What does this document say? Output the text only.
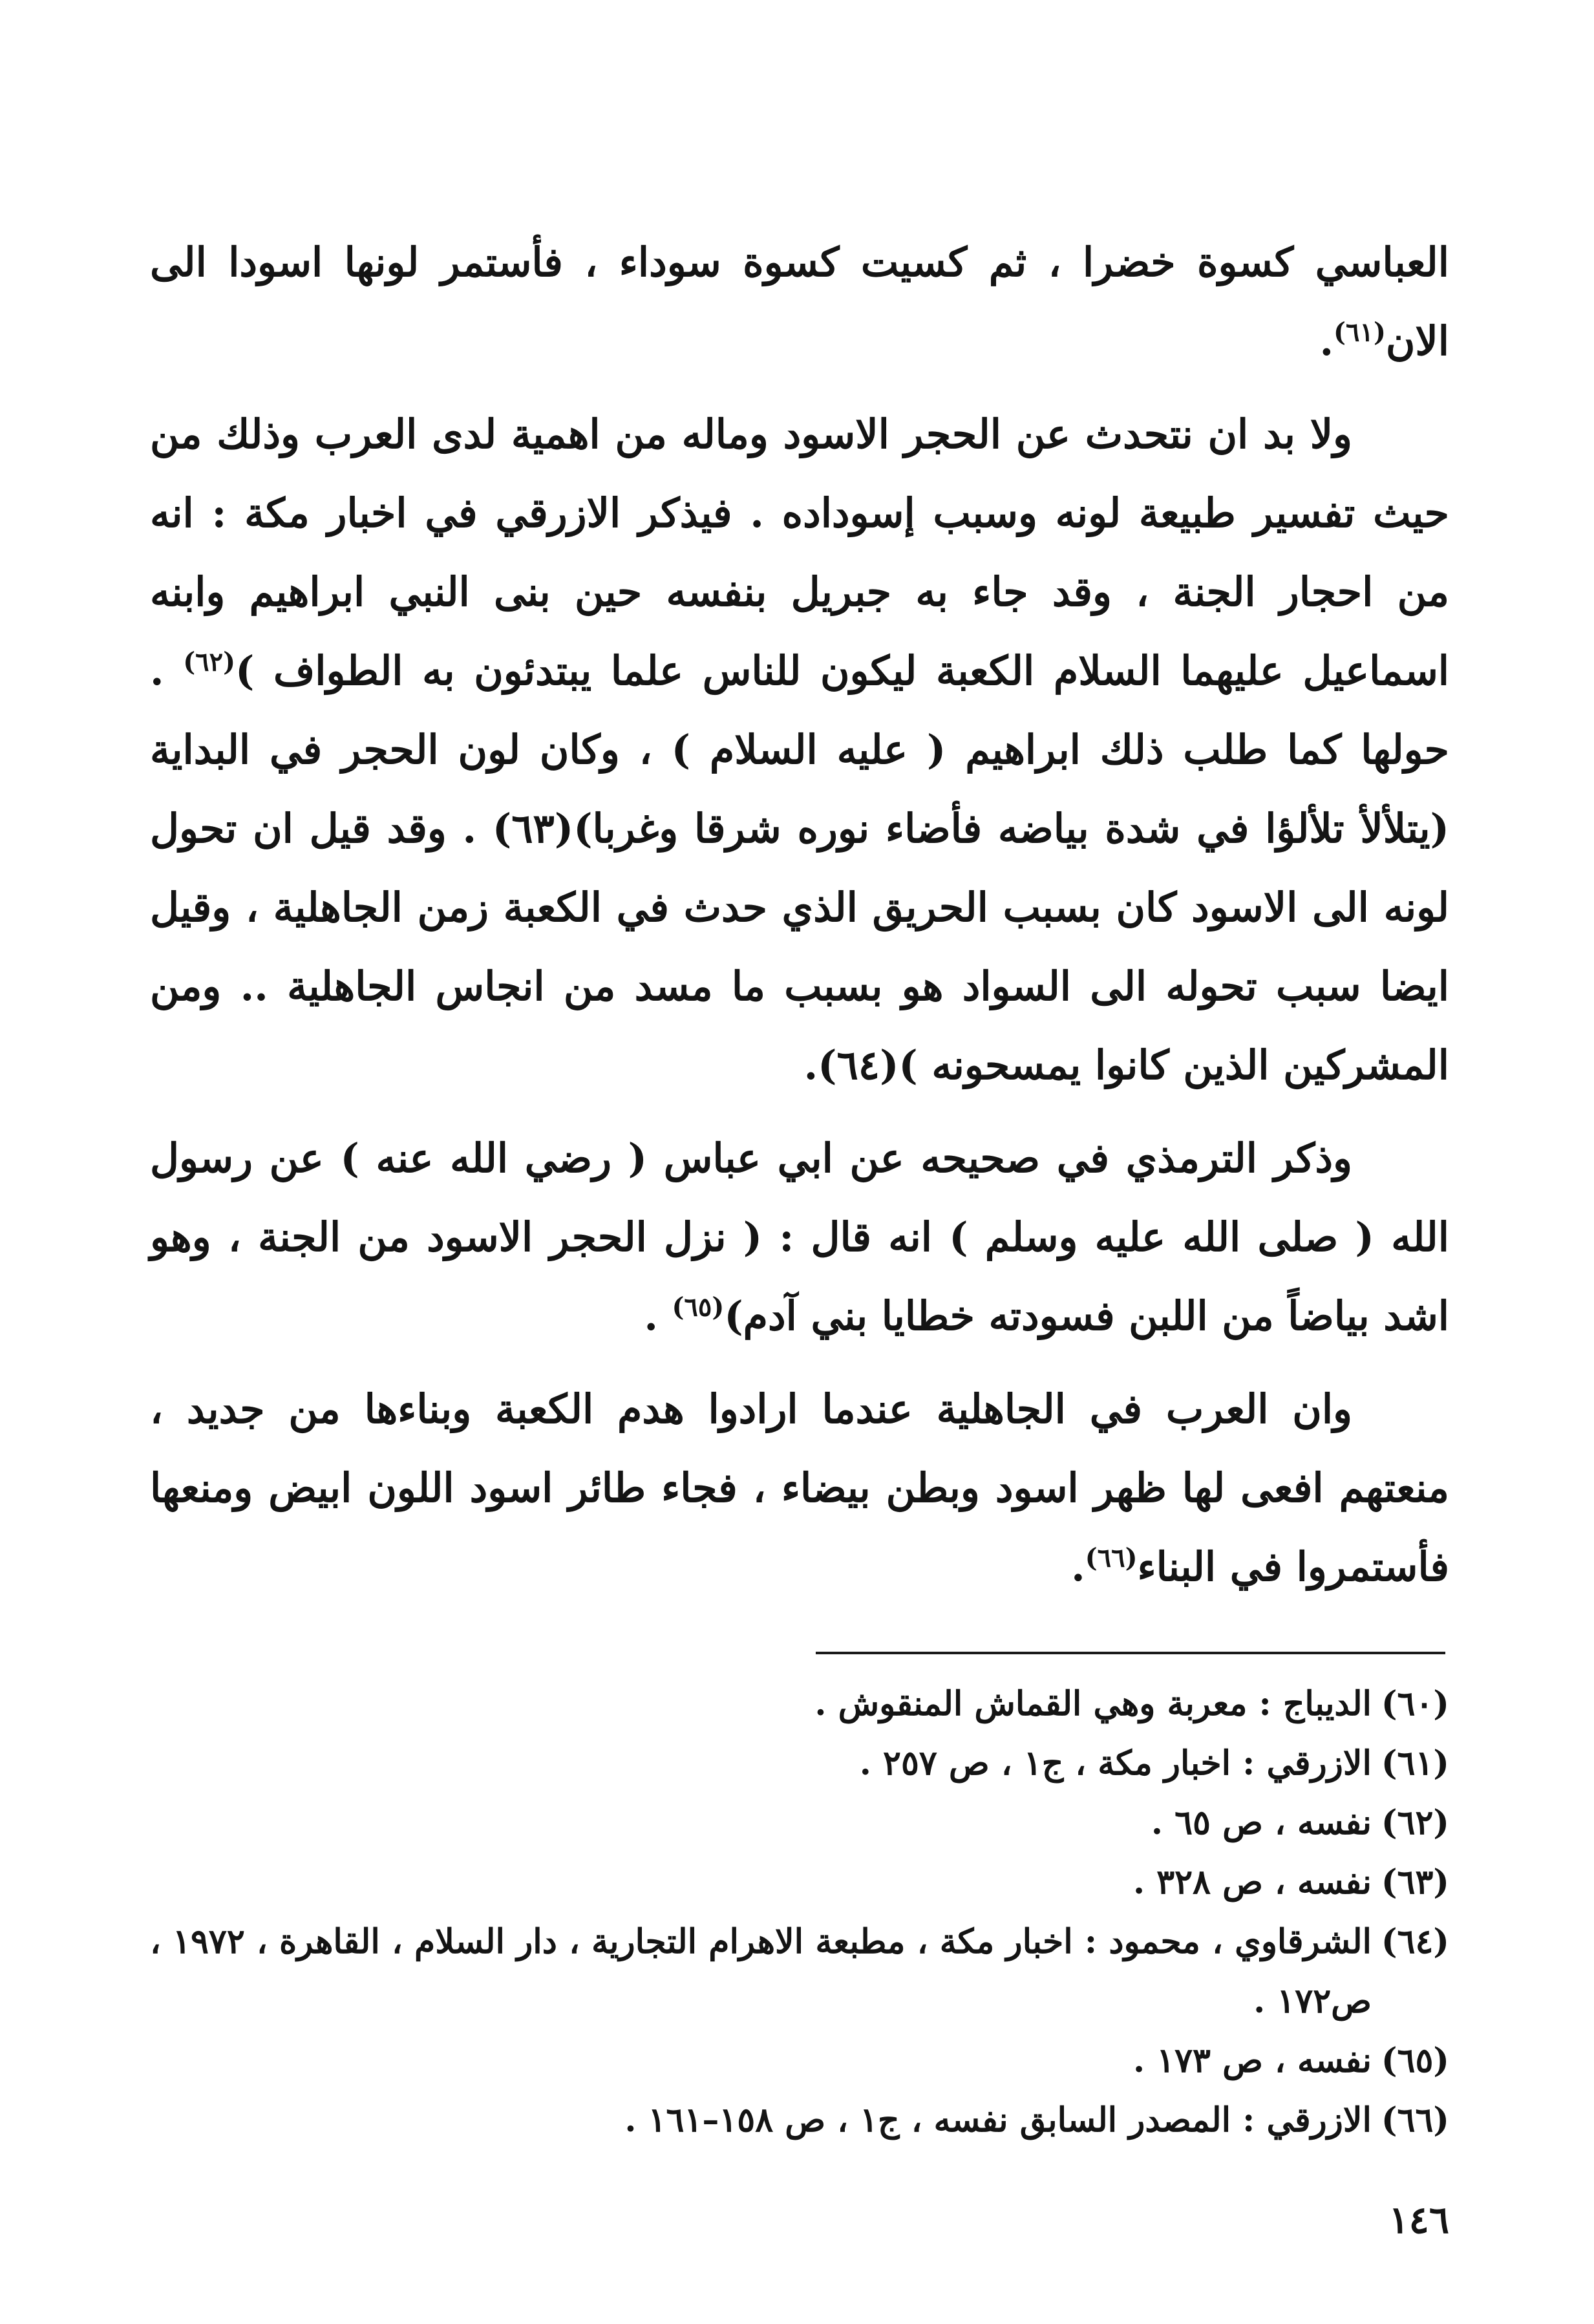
العباسي كسوة خضرا ، ثم كسيت كسوة سوداء ، فأستمر لونها اسودا الى الان$^{(٦١)}$.

ولا بد ان نتحدث عن الحجر الاسود وماله من اهمية لدى العرب وذلك من حيث تفسير طبيعة لونه وسبب إسوداده . فيذكر الازرقي في اخبار مكة : انه من احجار الجنة ، وقد جاء به جبريل بنفسه حين بنى النبي ابراهيم وابنه اسماعيل عليهما السلام الكعبة ليكون للناس علما يبتدئون به الطواف )$^{(٦٢)}$ . حولها كما طلب ذلك ابراهيم ( عليه السلام ) ، وكان لون الحجر في البداية (يتلألأ تلألؤا في شدة بياضه فأضاء نوره شرقا وغربا)(٦٣) . وقد قيل ان تحول لونه الى الاسود كان بسبب الحريق الذي حدث في الكعبة زمن الجاهلية ، وقيل ايضا سبب تحوله الى السواد هو بسبب ما مسد من انجاس الجاهلية .. ومن المشركين الذين كانوا يمسحونه )(٦٤).

وذكر الترمذي في صحيحه عن ابي عباس ( رضي الله عنه ) عن رسول الله ( صلى الله عليه وسلم ) انه قال : ( نزل الحجر الاسود من الجنة ، وهو اشد بياضاً من اللبن فسودته خطايا بني آدم)$^{(٦٥)}$ .

وان العرب في الجاهلية عندما ارادوا هدم الكعبة وبناءها من جديد ، منعتهم افعى لها ظهر اسود وبطن بيضاء ، فجاء طائر اسود اللون ابيض ومنعها فأستمروا في البناء$^{(٦٦)}$.

(٦٠)
الديباج : معربة وهي القماش المنقوش .
(٦١)
الازرقي : اخبار مكة ، ج١ ، ص ٢٥٧ .
(٦٢)
نفسه ، ص ٦٥ .
(٦٣)
نفسه ، ص ٣٢٨ .
(٦٤)
الشرقاوي ، محمود : اخبار مكة ، مطبعة الاهرام التجارية ، دار السلام ، القاهرة ، ١٩٧٢ ، ص١٧٢ .
(٦٥)
نفسه ، ص ١٧٣ .
(٦٦)
الازرقي : المصدر السابق نفسه ، ج١ ، ص ١٥٨–١٦١ .
١٤٦
